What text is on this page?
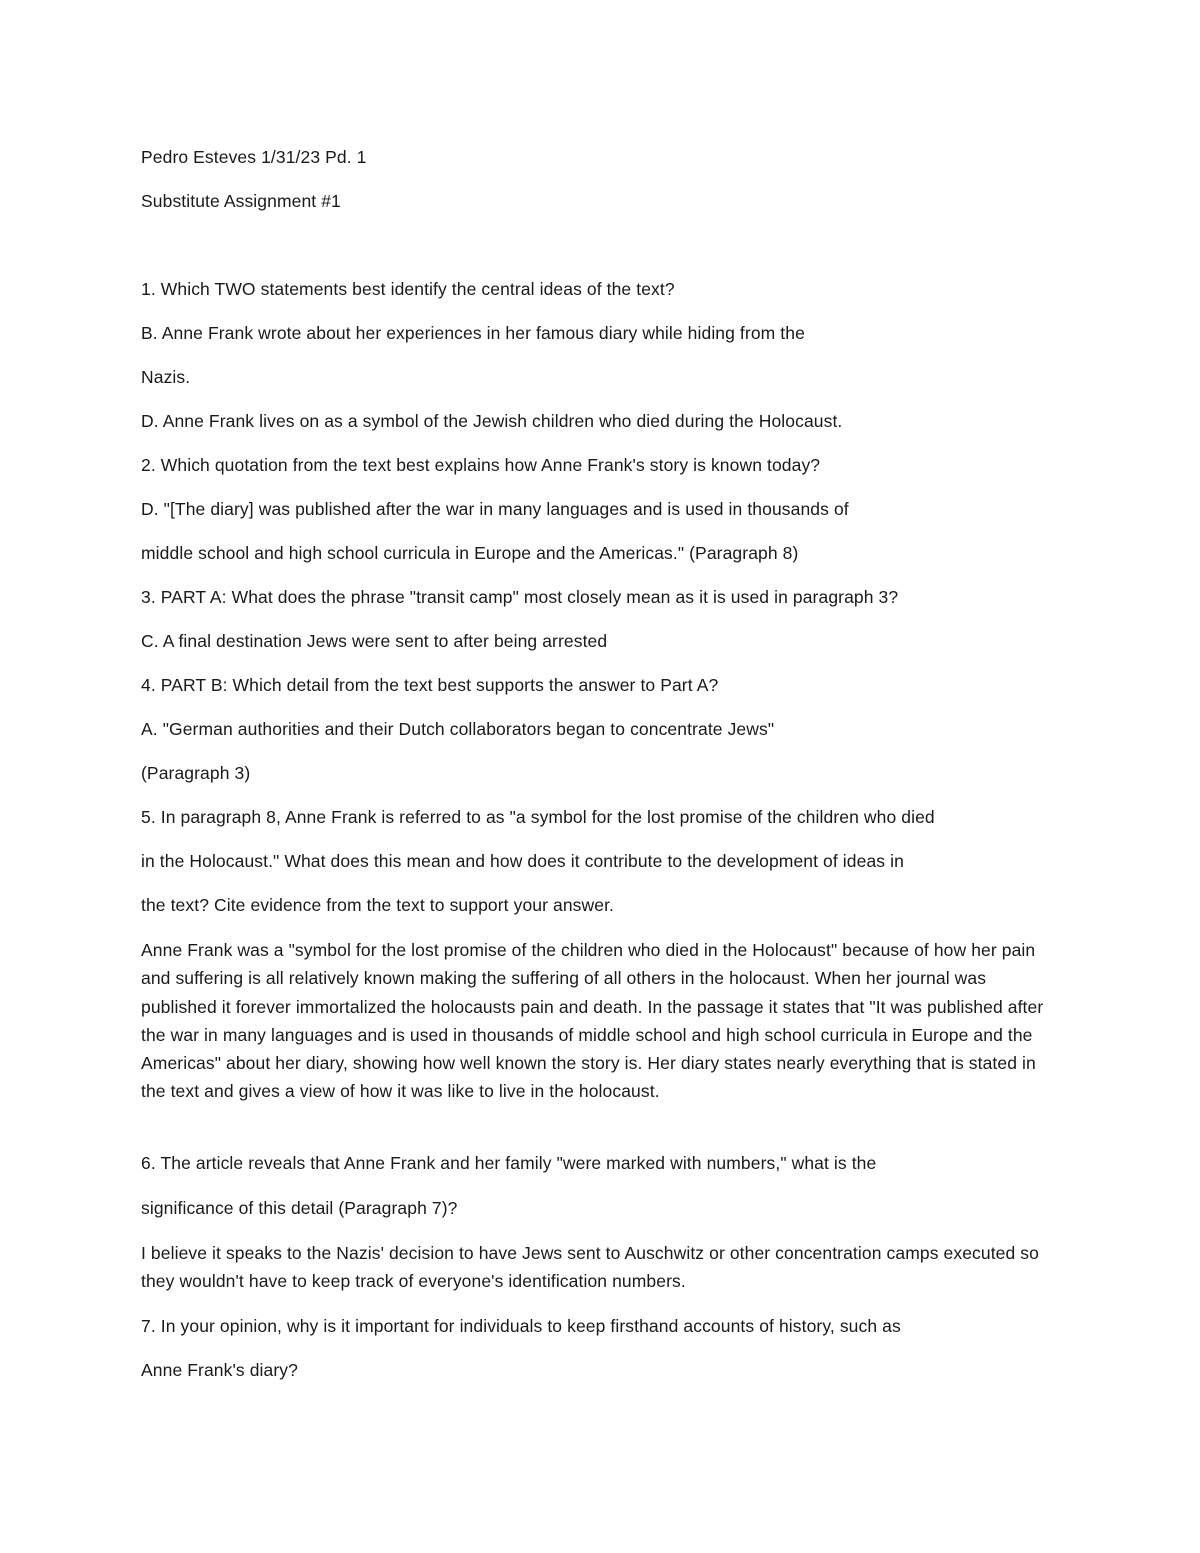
Pedro Esteves 1/31/23 Pd. 1
Substitute Assignment #1
1. Which TWO statements best identify the central ideas of the text?
B. Anne Frank wrote about her experiences in her famous diary while hiding from the
Nazis.
D. Anne Frank lives on as a symbol of the Jewish children who died during the Holocaust.
2. Which quotation from the text best explains how Anne Frank's story is known today?
D. "[The diary] was published after the war in many languages and is used in thousands of
middle school and high school curricula in Europe and the Americas." (Paragraph 8)
3. PART A: What does the phrase "transit camp" most closely mean as it is used in paragraph 3?
C. A final destination Jews were sent to after being arrested
4. PART B: Which detail from the text best supports the answer to Part A?
A. "German authorities and their Dutch collaborators began to concentrate Jews"
(Paragraph 3)
5. In paragraph 8, Anne Frank is referred to as "a symbol for the lost promise of the children who died
in the Holocaust." What does this mean and how does it contribute to the development of ideas in
the text? Cite evidence from the text to support your answer.
Anne Frank was a "symbol for the lost promise of the children who died in the Holocaust" because of how her pain and suffering is all relatively known making the suffering of all others in the holocaust. When her journal was published it forever immortalized the holocausts pain and death. In the passage it states that "It was published after the war in many languages and is used in thousands of middle school and high school curricula in Europe and the Americas" about her diary, showing how well known the story is. Her diary states nearly everything that is stated in the text and gives a view of how it was like to live in the holocaust.
6. The article reveals that Anne Frank and her family "were marked with numbers," what is the
significance of this detail (Paragraph 7)?
I believe it speaks to the Nazis' decision to have Jews sent to Auschwitz or other concentration camps executed so they wouldn't have to keep track of everyone's identification numbers.
7. In your opinion, why is it important for individuals to keep firsthand accounts of history, such as
Anne Frank's diary?
